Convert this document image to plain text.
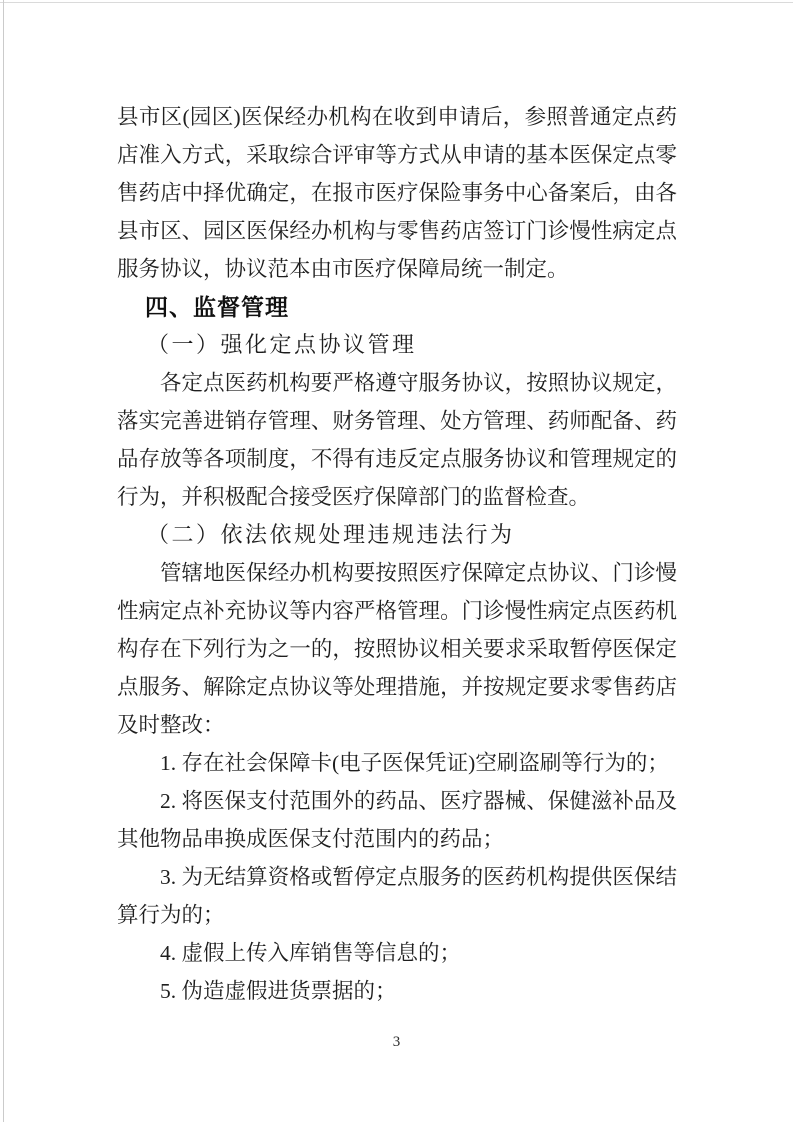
县市区(园区)医保经办机构在收到申请后，参照普通定点药店准入方式，采取综合评审等方式从申请的基本医保定点零售药店中择优确定，在报市医疗保险事务中心备案后，由各县市区、园区医保经办机构与零售药店签订门诊慢性病定点服务协议，协议范本由市医疗保障局统一制定。

四、监督管理

（一）强化定点协议管理

各定点医药机构要严格遵守服务协议，按照协议规定，落实完善进销存管理、财务管理、处方管理、药师配备、药品存放等各项制度，不得有违反定点服务协议和管理规定的行为，并积极配合接受医疗保障部门的监督检查。

（二）依法依规处理违规违法行为

管辖地医保经办机构要按照医疗保障定点协议、门诊慢性病定点补充协议等内容严格管理。门诊慢性病定点医药机构存在下列行为之一的，按照协议相关要求采取暂停医保定点服务、解除定点协议等处理措施，并按规定要求零售药店及时整改：

1. 存在社会保障卡(电子医保凭证)空刷盗刷等行为的；

2. 将医保支付范围外的药品、医疗器械、保健滋补品及其他物品串换成医保支付范围内的药品；

3. 为无结算资格或暂停定点服务的医药机构提供医保结算行为的；

4. 虚假上传入库销售等信息的；

5. 伪造虚假进货票据的；

3
